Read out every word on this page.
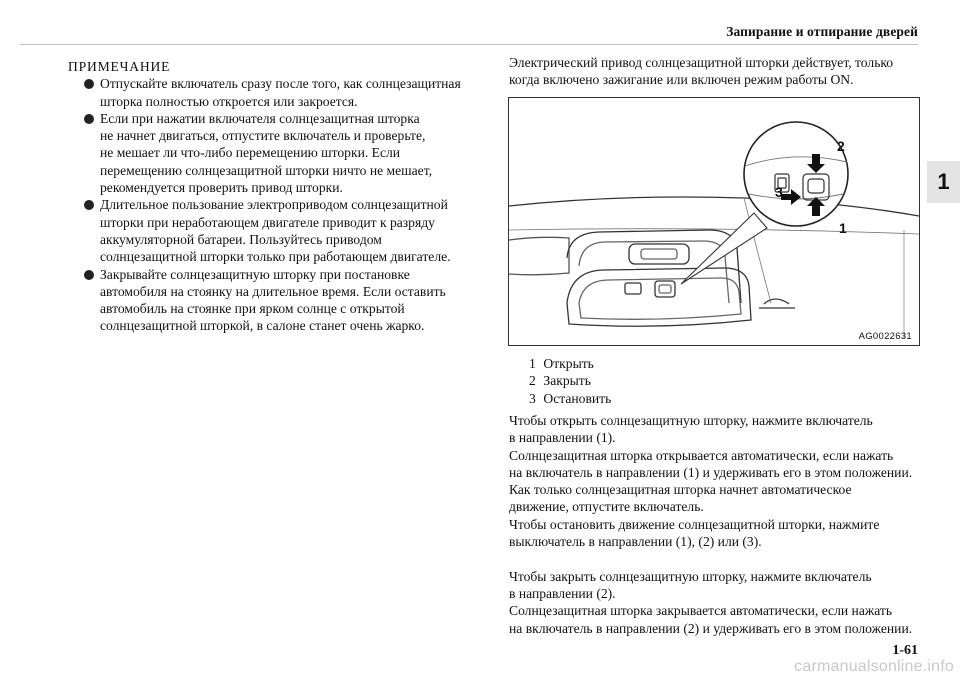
Запирание и отпирание дверей
1
ПРИМЕЧАНИЕ
Отпускайте включатель сразу после того, как солнцезащитная
шторка полностью откроется или закроется.
Если при нажатии включателя солнцезащитная шторка
не начнет двигаться, отпустите включатель и проверьте,
не мешает ли что-либо перемещению шторки. Если
перемещению солнцезащитной шторки ничто не мешает,
рекомендуется проверить привод шторки.
Длительное пользование электроприводом солнцезащитной
шторки при неработающем двигателе приводит к разряду
аккумуляторной батареи. Пользуйтесь приводом
солнцезащитной шторки только при работающем двигателе.
Закрывайте солнцезащитную шторку при постановке
автомобиля на стоянку на длительное время. Если оставить
автомобиль на стоянке при ярком солнце с открытой
солнцезащитной шторкой, в салоне станет очень жарко.
Электрический привод солнцезащитной шторки действует, только
когда включено зажигание или включен режим работы ON.
2
3
1
AG0022631
1 Открыть
2 Закрыть
3 Остановить
Чтобы открыть солнцезащитную шторку, нажмите включатель
в направлении (1).
Солнцезащитная шторка открывается автоматически, если нажать
на включатель в направлении (1) и удерживать его в этом положении.
Как только солнцезащитная шторка начнет автоматическое
движение, отпустите включатель.
Чтобы остановить движение солнцезащитной шторки, нажмите
выключатель в направлении (1), (2) или (3).
Чтобы закрыть солнцезащитную шторку, нажмите включатель
в направлении (2).
Солнцезащитная шторка закрывается автоматически, если нажать
на включатель в направлении (2) и удерживать его в этом положении.
1-61
carmanualsonline.info
